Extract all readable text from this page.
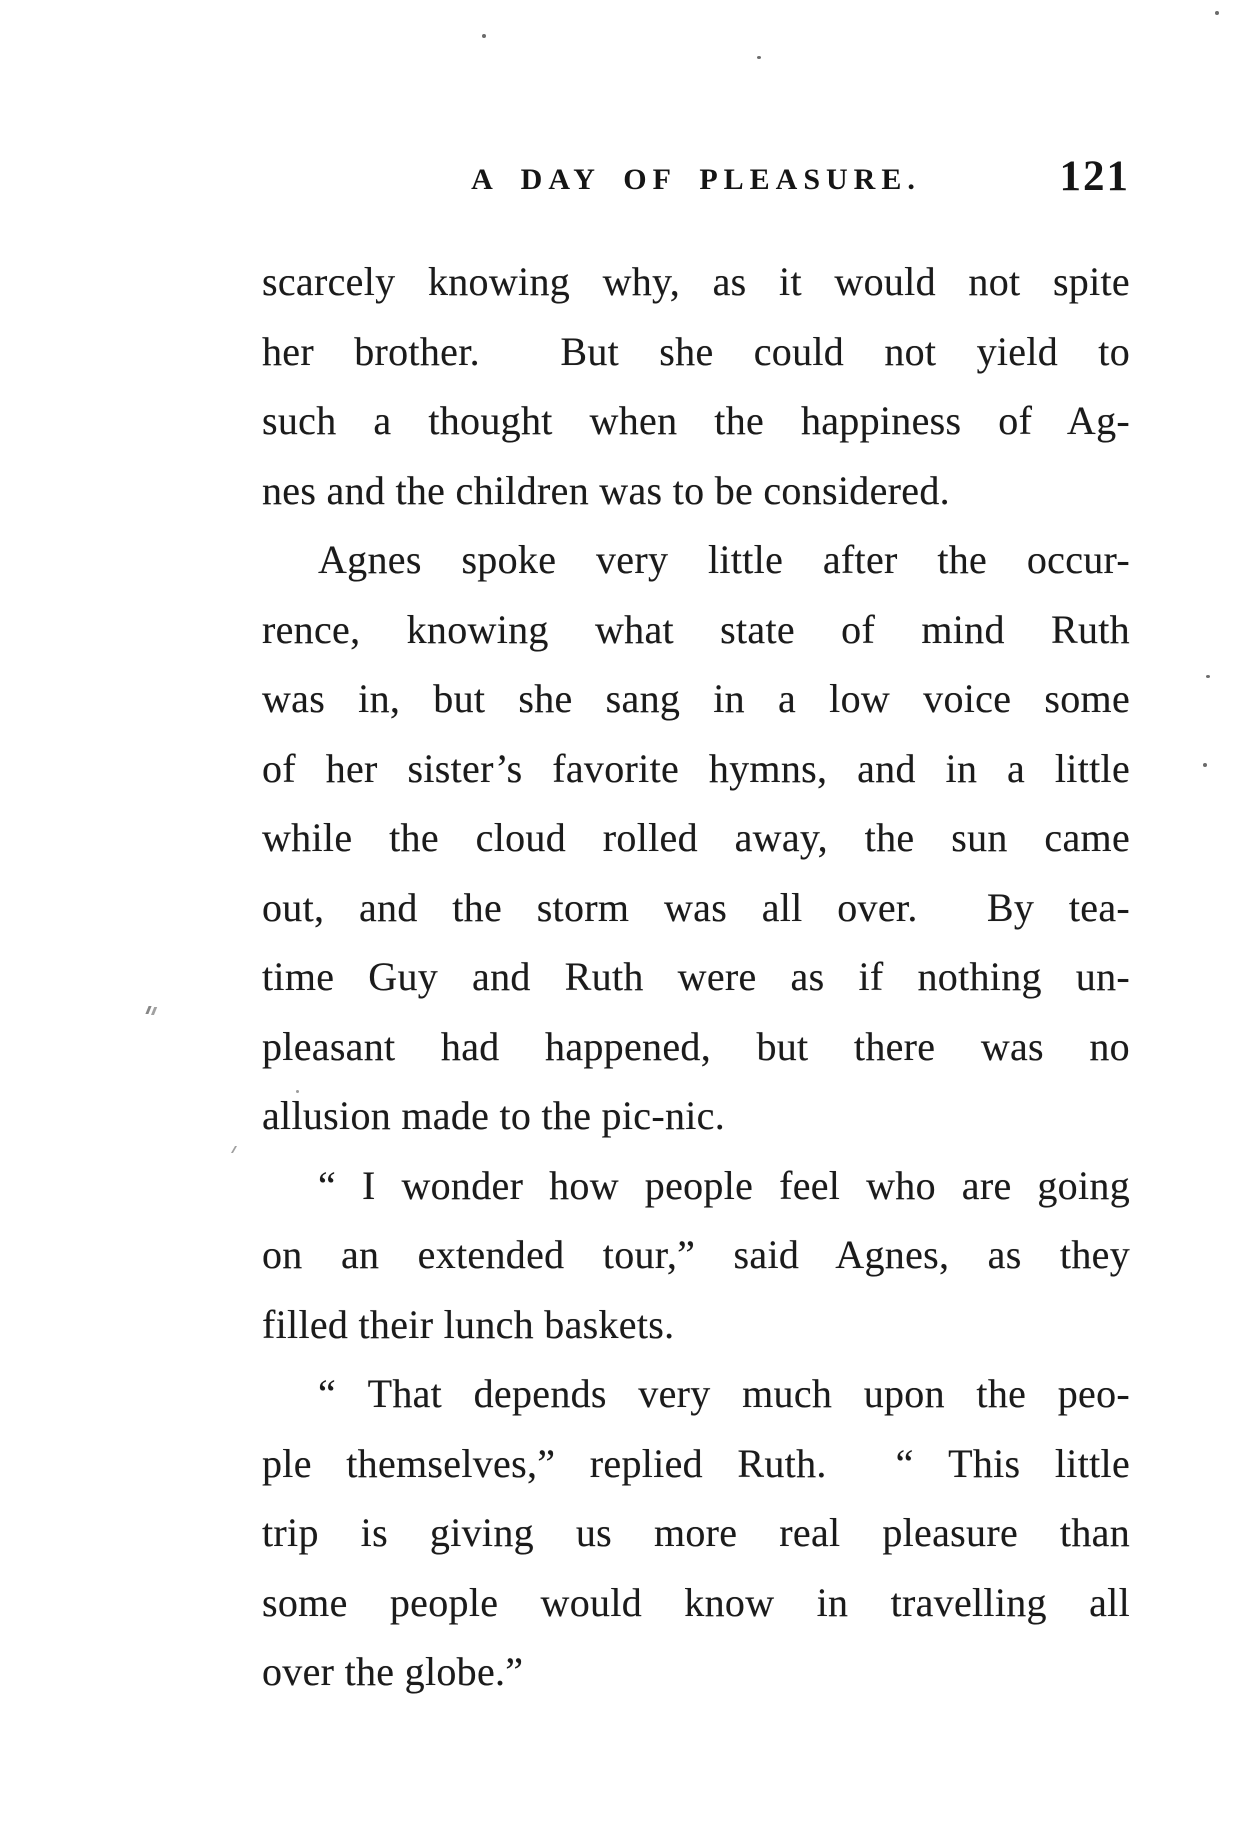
A DAY OF PLEASURE.	121
scarcely knowing why, as it would not spite
her brother.  But she could not yield to
such a thought when the happiness of Ag-
nes and the children was to be considered.
Agnes spoke very little after the occur-
rence, knowing what state of mind Ruth
was in, but she sang in a low voice some
of her sister’s favorite hymns, and in a little
while the cloud rolled away, the sun came
out, and the storm was all over.  By tea-
time Guy and Ruth were as if nothing un-
pleasant had happened, but there was no
allusion made to the pic-nic.
“ I wonder how people feel who are going
on an extended tour,” said Agnes, as they
filled their lunch baskets.
“ That depends very much upon the peo-
ple themselves,” replied Ruth.  “ This little
trip is giving us more real pleasure than
some people would know in travelling all
over the globe.”
